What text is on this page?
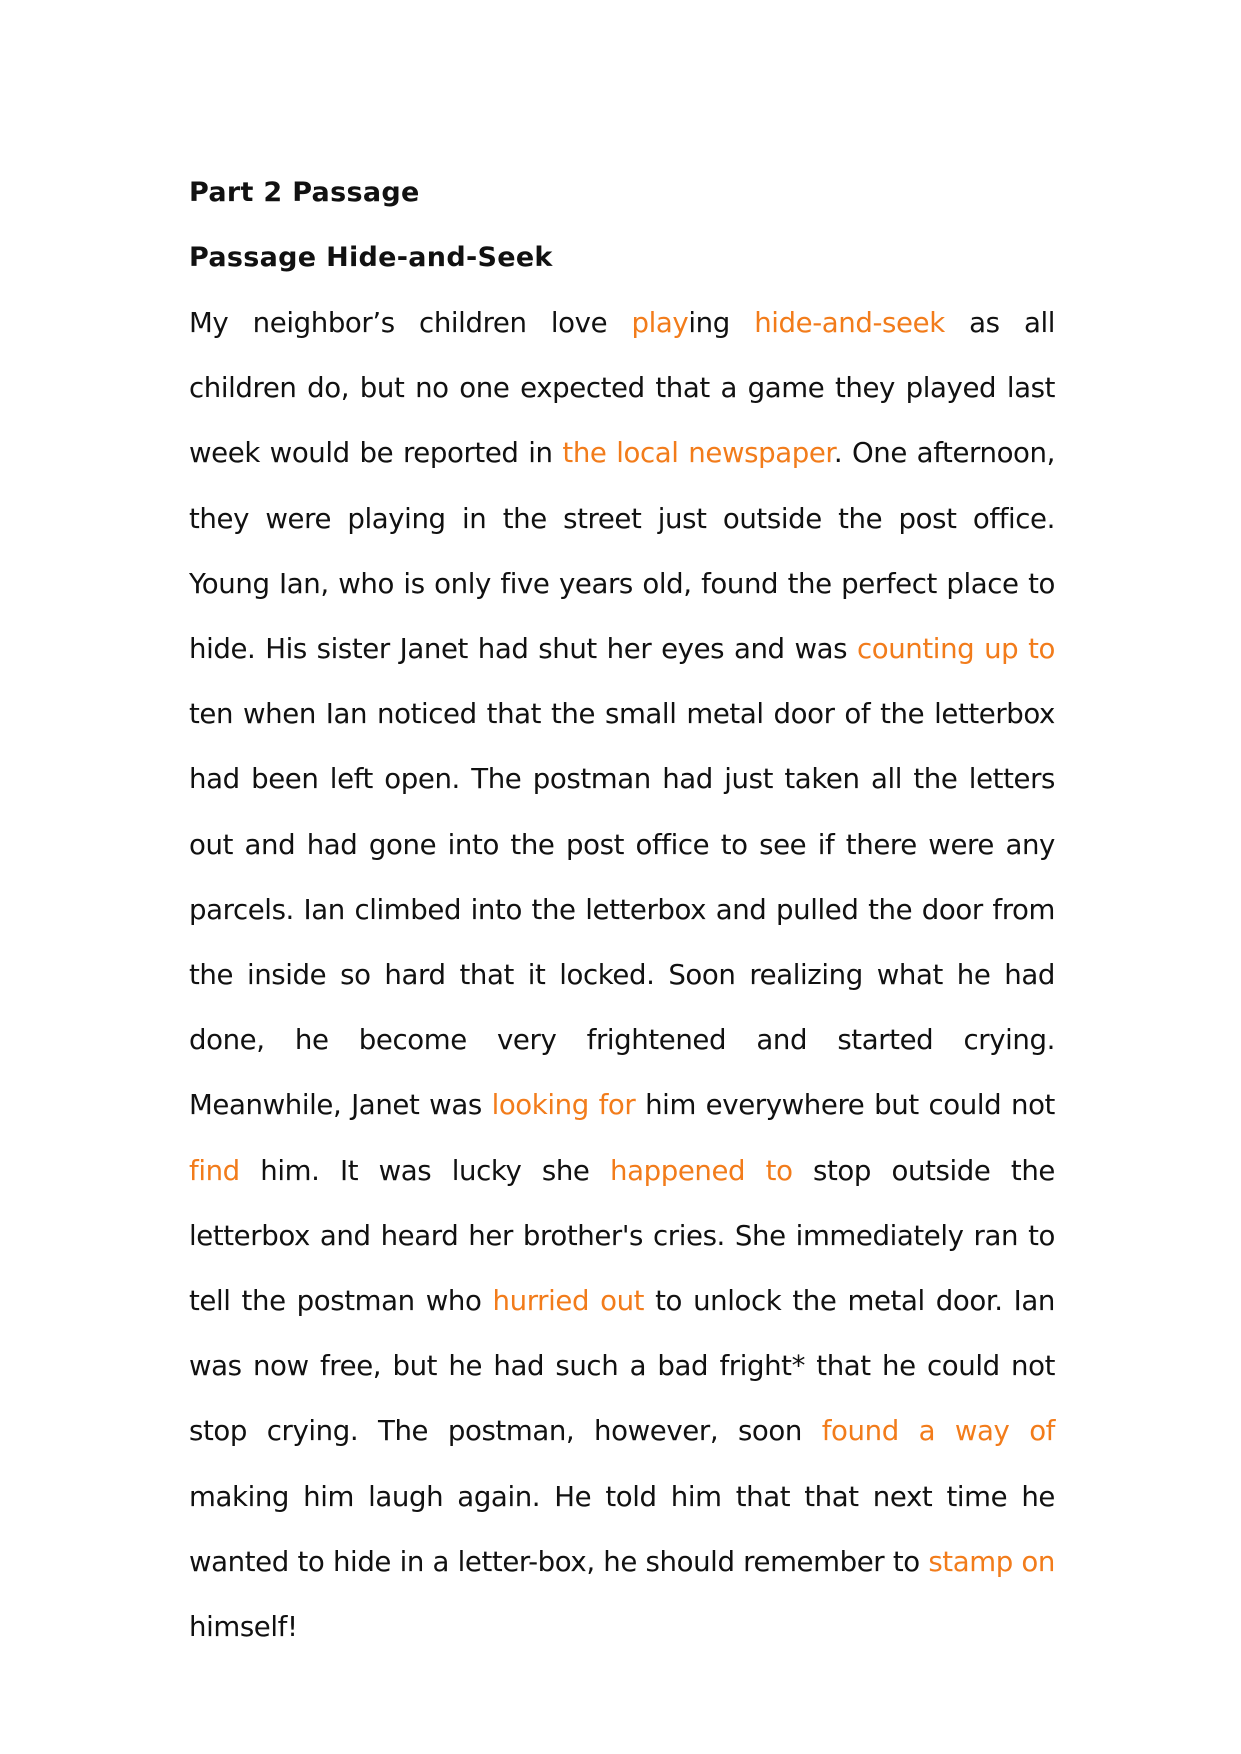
Part 2 Passage
Passage Hide-and-Seek

My neighbor’s children love playing hide-and-seek as all children do, but no one expected that a game they played last week would be reported in the local newspaper. One afternoon, they were playing in the street just outside the post office. Young Ian, who is only five years old, found the perfect place to hide. His sister Janet had shut her eyes and was counting up to ten when Ian noticed that the small metal door of the letterbox had been left open. The postman had just taken all the letters out and had gone into the post office to see if there were any parcels. Ian climbed into the letterbox and pulled the door from the inside so hard that it locked. Soon realizing what he had done, he become very frightened and started crying. Meanwhile, Janet was looking for him everywhere but could not find him. It was lucky she happened to stop outside the letterbox and heard her brother's cries. She immediately ran to tell the postman who hurried out to unlock the metal door. Ian was now free, but he had such a bad fright* that he could not stop crying. The postman, however, soon found a way of making him laugh again. He told him that that next time he wanted to hide in a letter-box, he should remember to stamp on himself!
